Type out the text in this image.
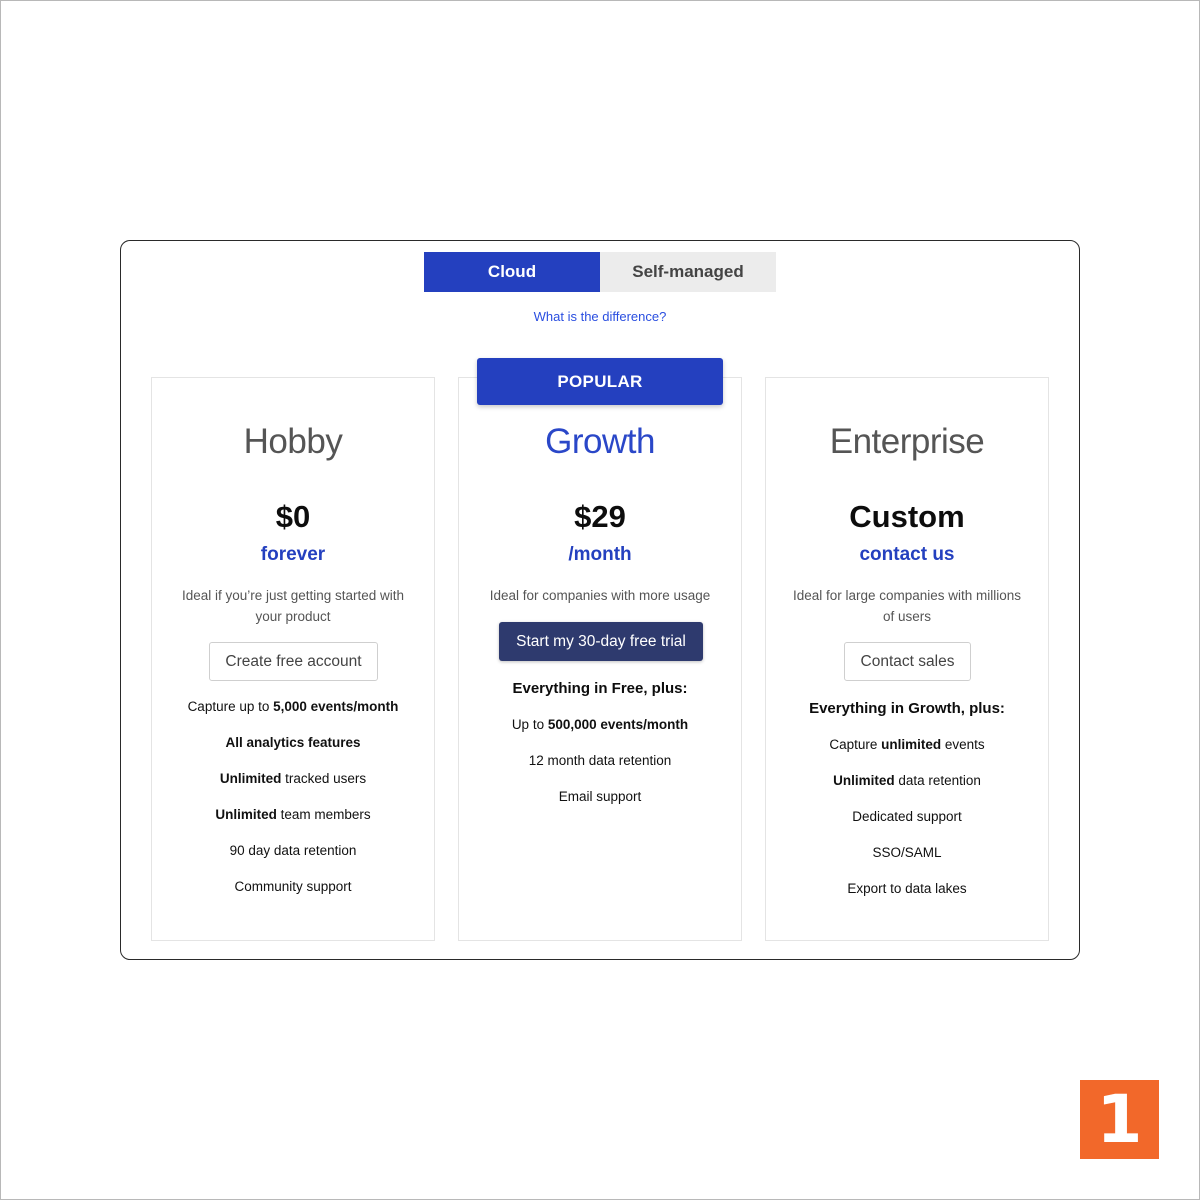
Cloud	Self-managed
What is the difference?
Hobby
$0
forever
Ideal if you’re just getting started with your product
Create free account
Capture up to 5,000 events/month
All analytics features
Unlimited tracked users
Unlimited team members
90 day data retention
Community support
Growth
$29
/month
Ideal for companies with more usage
Start my 30-day free trial
Everything in Free, plus:
Up to 500,000 events/month
12 month data retention
Email support
Enterprise
Custom
contact us
Ideal for large companies with millions of users
Contact sales
Everything in Growth, plus:
Capture unlimited events
Unlimited data retention
Dedicated support
SSO/SAML
Export to data lakes
POPULAR
1
